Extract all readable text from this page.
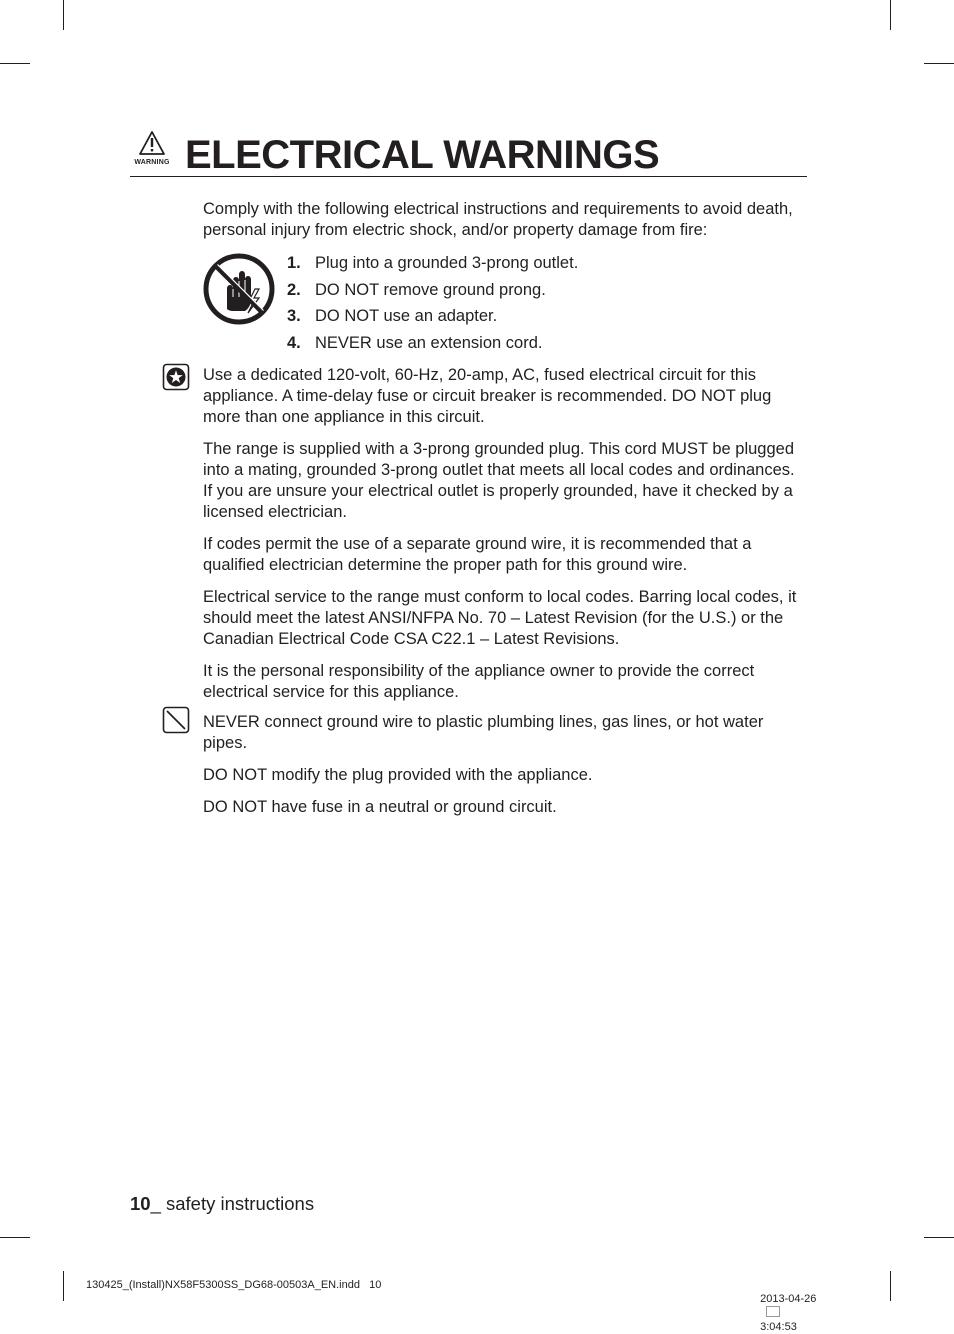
WARNING ELECTRICAL WARNINGS

Comply with the following electrical instructions and requirements to avoid death, personal injury from electric shock, and/or property damage from fire:

1. Plug into a grounded 3-prong outlet.
2. DO NOT remove ground prong.
3. DO NOT use an adapter.
4. NEVER use an extension cord.

Use a dedicated 120-volt, 60-Hz, 20-amp, AC, fused electrical circuit for this appliance. A time-delay fuse or circuit breaker is recommended. DO NOT plug more than one appliance in this circuit.

The range is supplied with a 3-prong grounded plug. This cord MUST be plugged into a mating, grounded 3-prong outlet that meets all local codes and ordinances. If you are unsure your electrical outlet is properly grounded, have it checked by a licensed electrician.

If codes permit the use of a separate ground wire, it is recommended that a qualified electrician determine the proper path for this ground wire.

Electrical service to the range must conform to local codes. Barring local codes, it should meet the latest ANSI/NFPA No. 70 – Latest Revision (for the U.S.) or the Canadian Electrical Code CSA C22.1 – Latest Revisions.

It is the personal responsibility of the appliance owner to provide the correct electrical service for this appliance.

NEVER connect ground wire to plastic plumbing lines, gas lines, or hot water pipes.

DO NOT modify the plug provided with the appliance.

DO NOT have fuse in a neutral or ground circuit.

10_ safety instructions
130425_(Install)NX58F5300SS_DG68-00503A_EN.indd   10

2013-04-26

3:04:53
